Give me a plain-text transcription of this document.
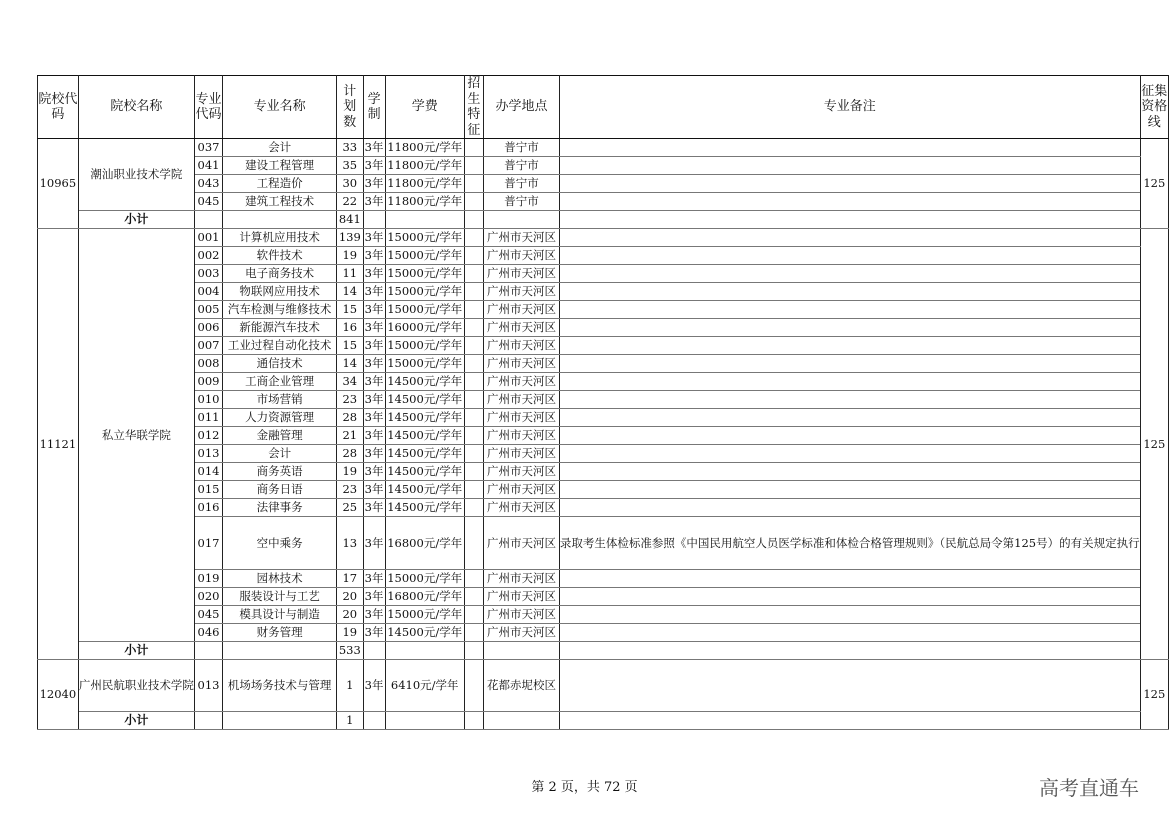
院校代码	院校名称	专业代码	专业名称	计划数	学制	学费	招生特征	办学地点	专业备注	征集资格线
10965	潮汕职业技术学院	037	会计	33	3年	11800元/学年		普宁市		125
		041	建设工程管理	35	3年	11800元/学年		普宁市		
		043	工程造价	30	3年	11800元/学年		普宁市		
		045	建筑工程技术	22	3年	11800元/学年		普宁市		
	小计			841						
11121	私立华联学院	001	计算机应用技术	139	3年	15000元/学年		广州市天河区		125
		002	软件技术	19	3年	15000元/学年		广州市天河区		
		003	电子商务技术	11	3年	15000元/学年		广州市天河区		
		004	物联网应用技术	14	3年	15000元/学年		广州市天河区		
		005	汽车检测与维修技术	15	3年	15000元/学年		广州市天河区		
		006	新能源汽车技术	16	3年	16000元/学年		广州市天河区		
		007	工业过程自动化技术	15	3年	15000元/学年		广州市天河区		
		008	通信技术	14	3年	15000元/学年		广州市天河区		
		009	工商企业管理	34	3年	14500元/学年		广州市天河区		
		010	市场营销	23	3年	14500元/学年		广州市天河区		
		011	人力资源管理	28	3年	14500元/学年		广州市天河区		
		012	金融管理	21	3年	14500元/学年		广州市天河区		
		013	会计	28	3年	14500元/学年		广州市天河区		
		014	商务英语	19	3年	14500元/学年		广州市天河区		
		015	商务日语	23	3年	14500元/学年		广州市天河区		
		016	法律事务	25	3年	14500元/学年		广州市天河区		
		017	空中乘务	13	3年	16800元/学年		广州市天河区	录取考生体检标准参照《中国民用航空人员医学标准和体检合格管理规则》（民航总局令第125号）的有关规定执行	
		019	园林技术	17	3年	15000元/学年		广州市天河区		
		020	服装设计与工艺	20	3年	16800元/学年		广州市天河区		
		045	模具设计与制造	20	3年	15000元/学年		广州市天河区		
		046	财务管理	19	3年	14500元/学年		广州市天河区		
	小计			533						
12040	广州民航职业技术学院	013	机场场务技术与管理	1	3年	6410元/学年		花都赤坭校区		125
	小计			1						
第 2 页，共 72 页	高考直通车
